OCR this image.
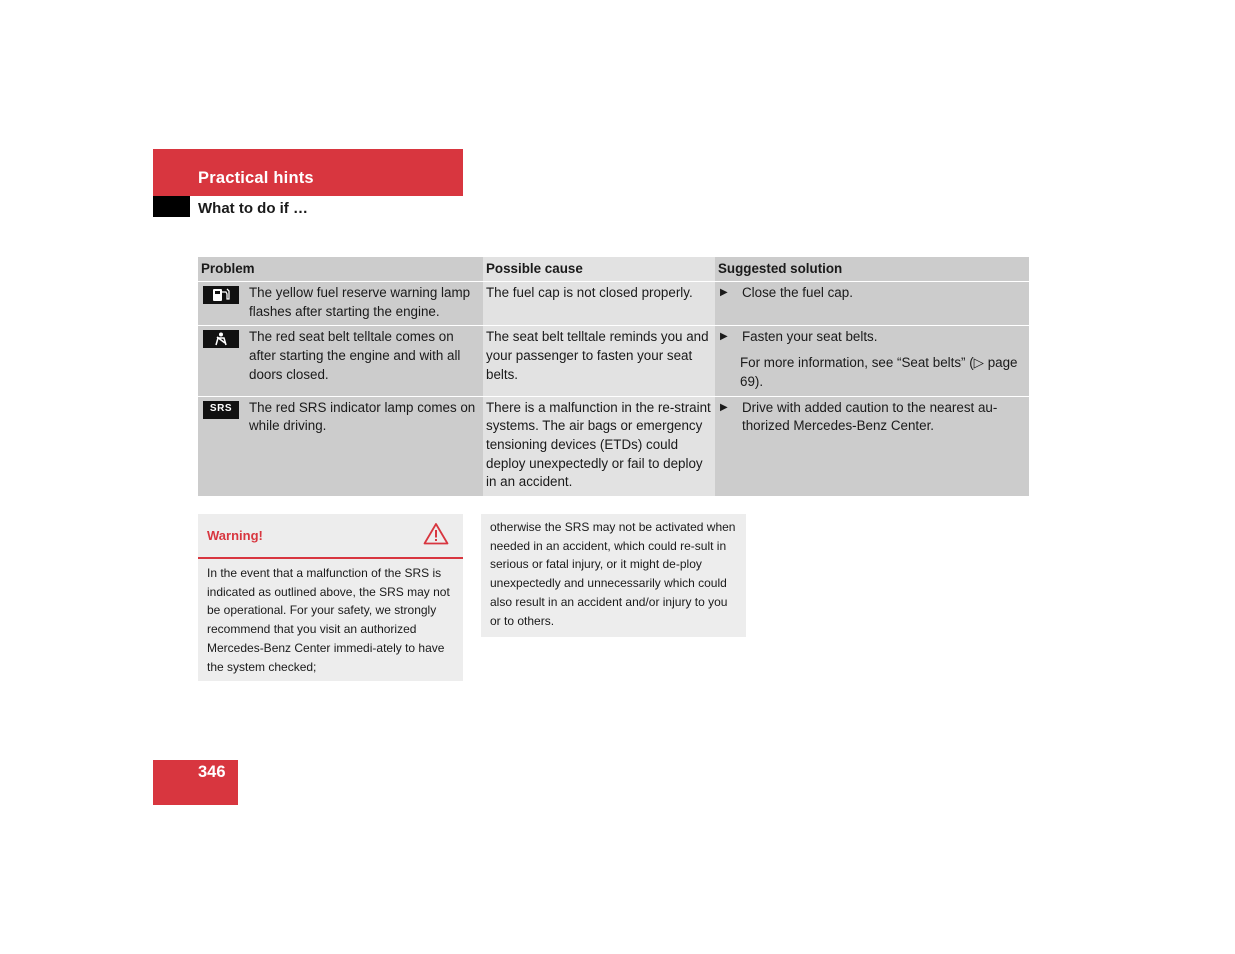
Practical hints
What to do if …
Problem	Possible cause	Suggested solution

The yellow fuel reserve warning lamp flashes after starting the engine.	The fuel cap is not closed properly.	▶ Close the fuel cap.

The red seat belt telltale comes on after starting the engine and with all doors closed.	The seat belt telltale reminds you and your passenger to fasten your seat belts.	▶ Fasten your seat belts.
For more information, see “Seat belts” (▷ page 69).

SRS The red SRS indicator lamp comes on while driving.	There is a malfunction in the re-straint systems. The air bags or emergency tensioning devices (ETDs) could deploy unexpectedly or fail to deploy in an accident.	▶ Drive with added caution to the nearest au-thorized Mercedes-Benz Center.
Warning!
In the event that a malfunction of the SRS is indicated as outlined above, the SRS may not be operational. For your safety, we strongly recommend that you visit an authorized Mercedes-Benz Center immedi-ately to have the system checked;
otherwise the SRS may not be activated when needed in an accident, which could re-sult in serious or fatal injury, or it might de-ploy unexpectedly and unnecessarily which could also result in an accident and/or injury to you or to others.
346
